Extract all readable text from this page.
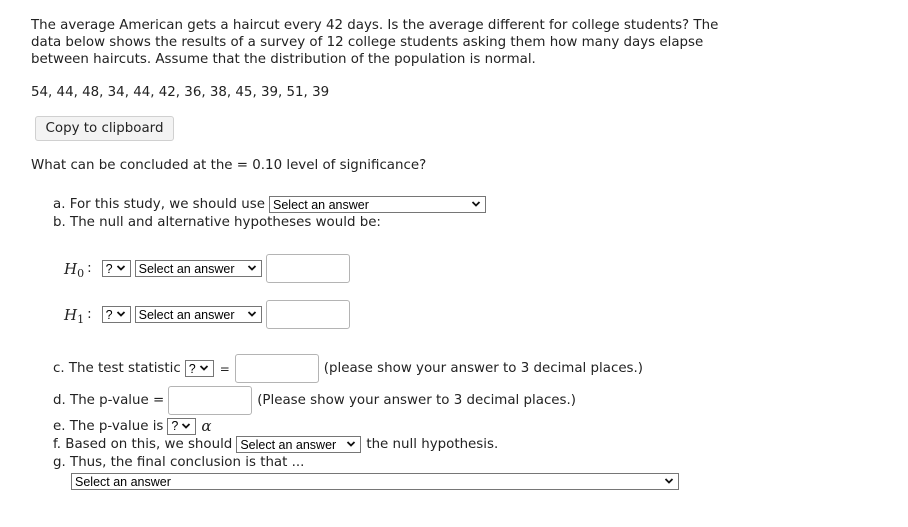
The average American gets a haircut every 42 days. Is the average different for college students? The data below shows the results of a survey of 12 college students asking them how many days elapse between haircuts. Assume that the distribution of the population is normal.
54, 44, 48, 34, 44, 42, 36, 38, 45, 39, 51, 39
Copy to clipboard
What can be concluded at the = 0.10 level of significance?
a. For this study, we should use Select an answer
b. The null and alternative hypotheses would be:
$H_0$ : ? Select an answer
$H_1$ : ? Select an answer
c. The test statistic ? =	(please show your answer to 3 decimal places.)
d. The p-value =	(Please show your answer to 3 decimal places.)
e. The p-value is ? α
f. Based on this, we should Select an answer the null hypothesis.
g. Thus, the final conclusion is that ...
Select an answer
